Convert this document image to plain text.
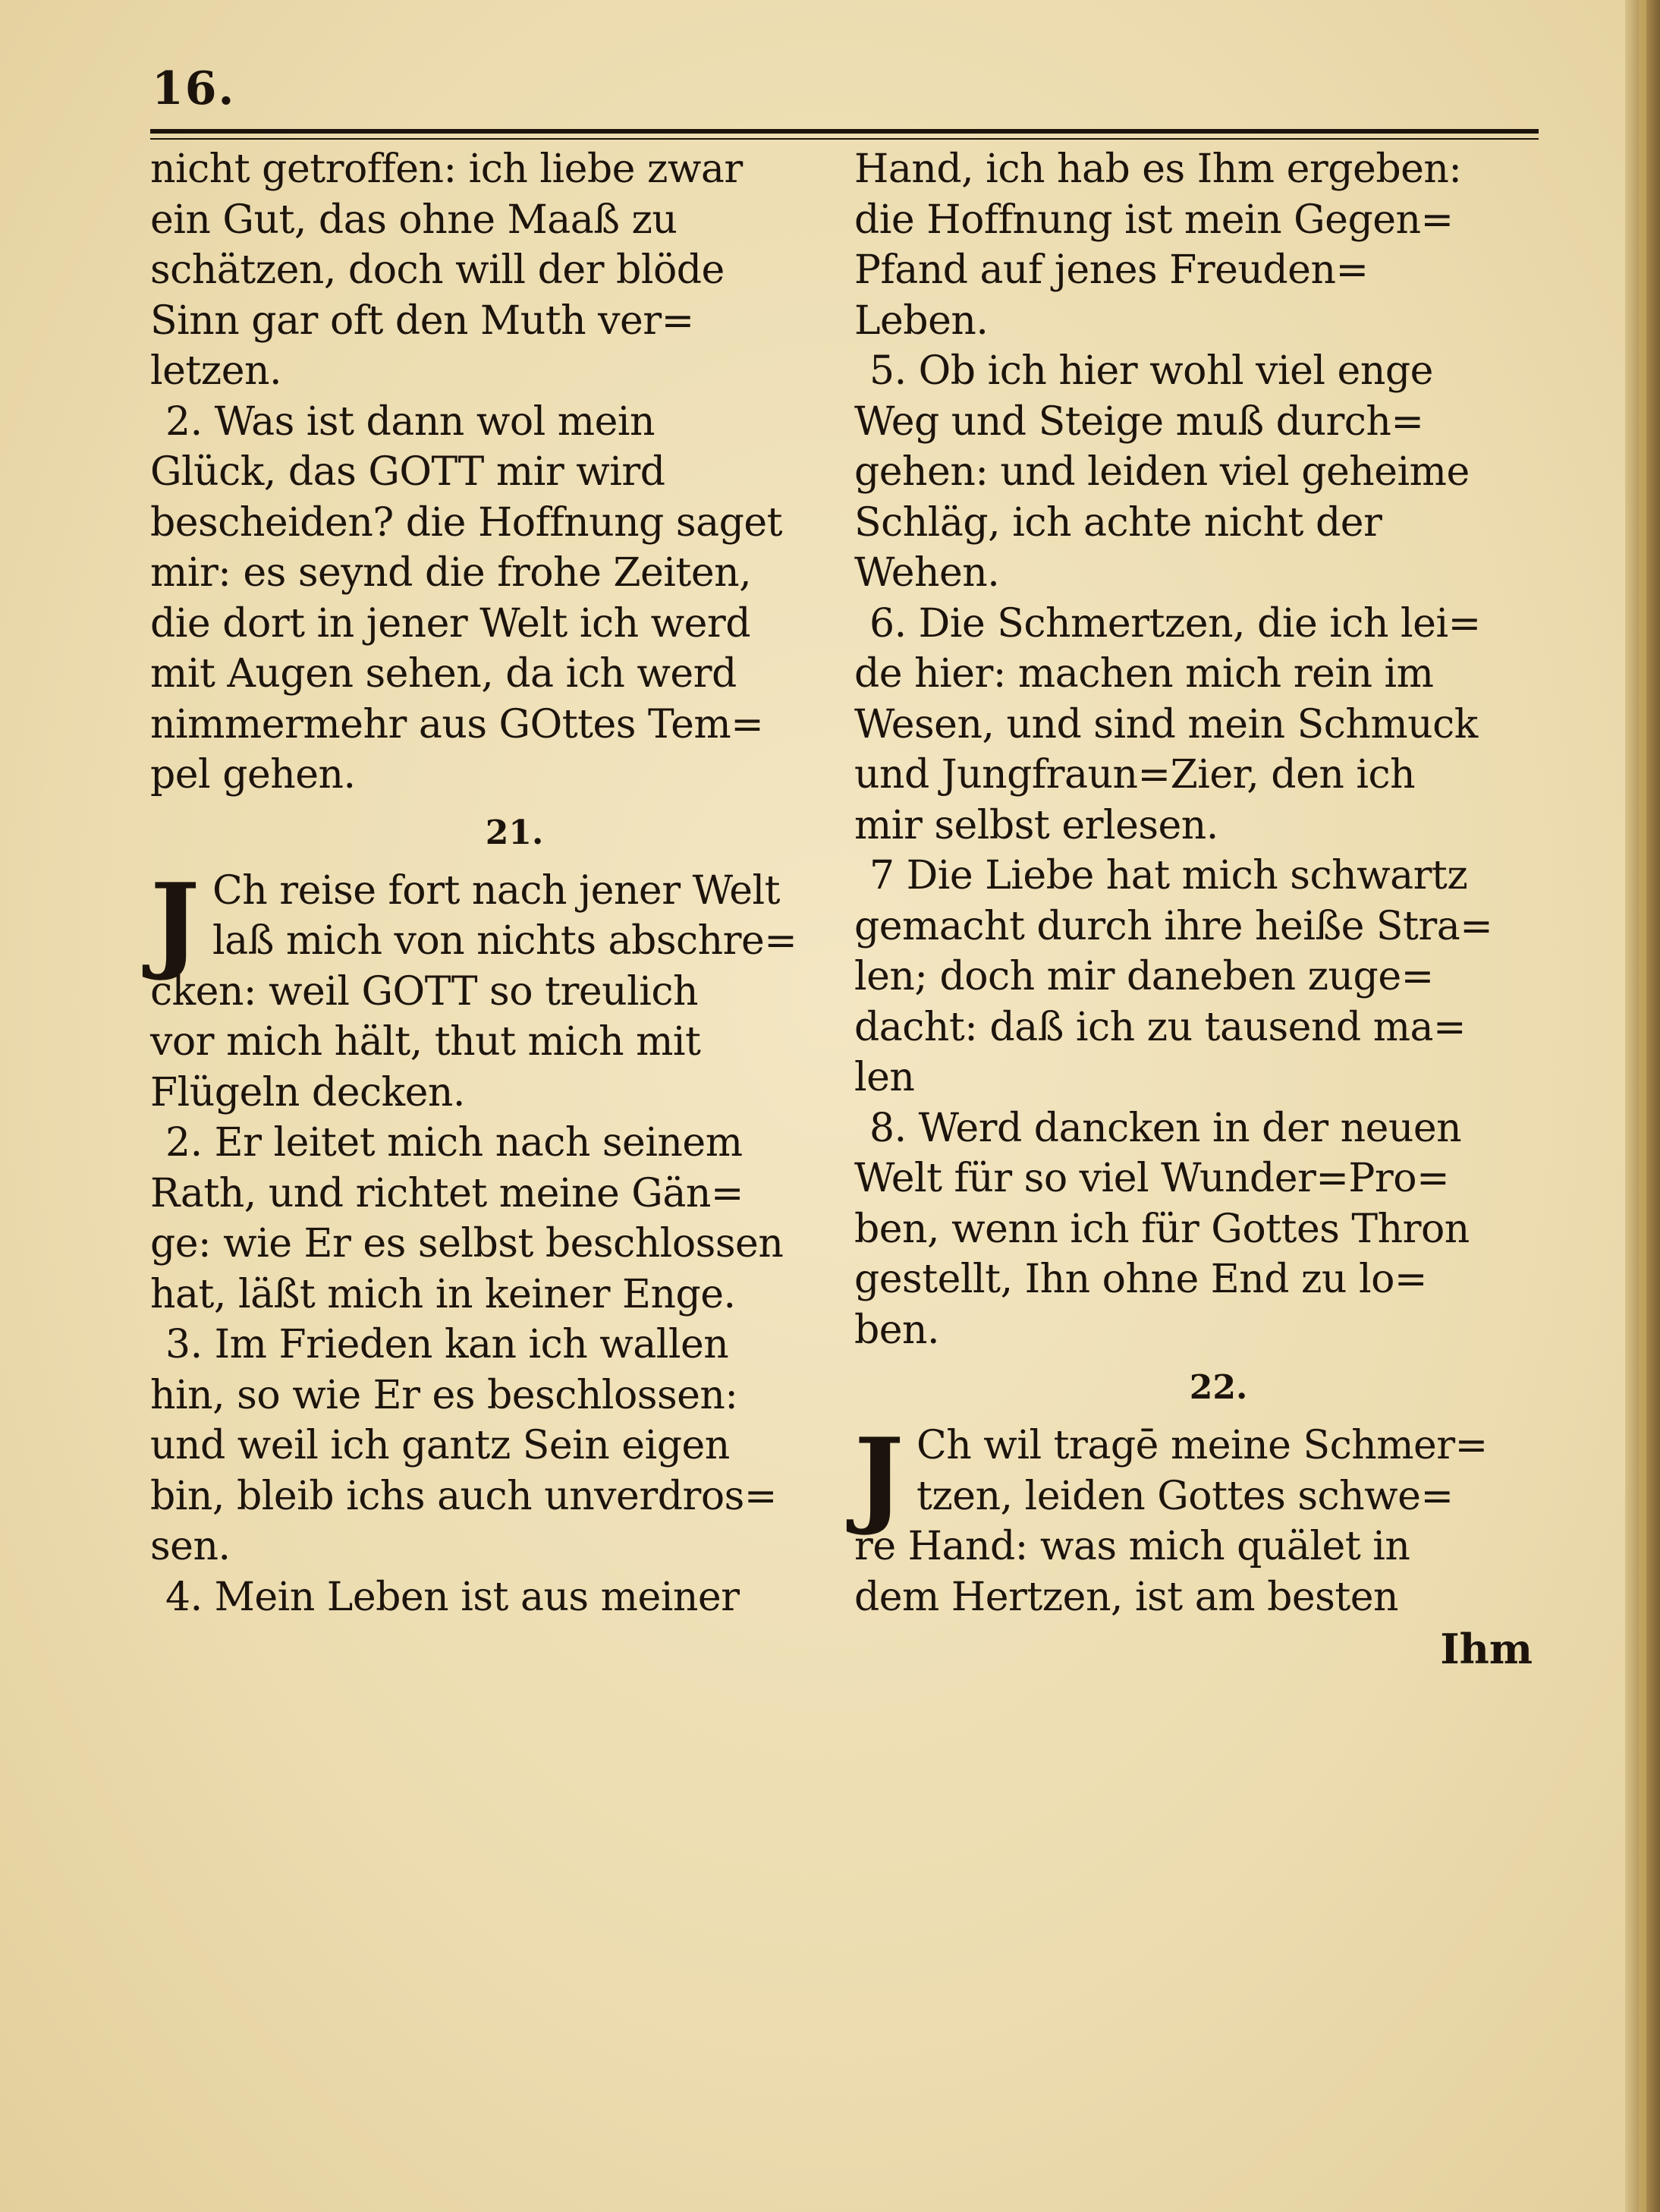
16.
nicht getroffen: ich liebe zwar
ein Gut, das ohne Maaß zu
schätzen, doch will der blöde
Sinn gar oft den Muth ver=
letzen.
2. Was ist dann wol mein
Glück, das GOTT mir wird
bescheiden? die Hoffnung saget
mir: es seynd die frohe Zeiten,
die dort in jener Welt ich werd
mit Augen sehen, da ich werd
nimmermehr aus GOttes Tem=
pel gehen.
21.
J Ch reise fort nach jener Welt
laß mich von nichts abschre=
cken: weil GOTT so treulich
vor mich hält, thut mich mit
Flügeln decken.
2. Er leitet mich nach seinem
Rath, und richtet meine Gän=
ge: wie Er es selbst beschlossen
hat, läßt mich in keiner Enge.
3. Im Frieden kan ich wallen
hin, so wie Er es beschlossen:
und weil ich gantz Sein eigen
bin, bleib ichs auch unverdros=
sen.
4. Mein Leben ist aus meiner
Hand, ich hab es Ihm ergeben:
die Hoffnung ist mein Gegen=
Pfand auf jenes Freuden=
Leben.
5. Ob ich hier wohl viel enge
Weg und Steige muß durch=
gehen: und leiden viel geheime
Schläg, ich achte nicht der
Wehen.
6. Die Schmertzen, die ich lei=
de hier: machen mich rein im
Wesen, und sind mein Schmuck
und Jungfraun=Zier, den ich
mir selbst erlesen.
7 Die Liebe hat mich schwartz
gemacht durch ihre heiße Stra=
len; doch mir daneben zuge=
dacht: daß ich zu tausend ma=
len
8. Werd dancken in der neuen
Welt für so viel Wunder=Pro=
ben, wenn ich für Gottes Thron
gestellt, Ihn ohne End zu lo=
ben.
22.
J Ch wil tragē meine Schmer=
tzen, leiden Gottes schwe=
re Hand: was mich quälet in
dem Hertzen, ist am besten
Ihm
